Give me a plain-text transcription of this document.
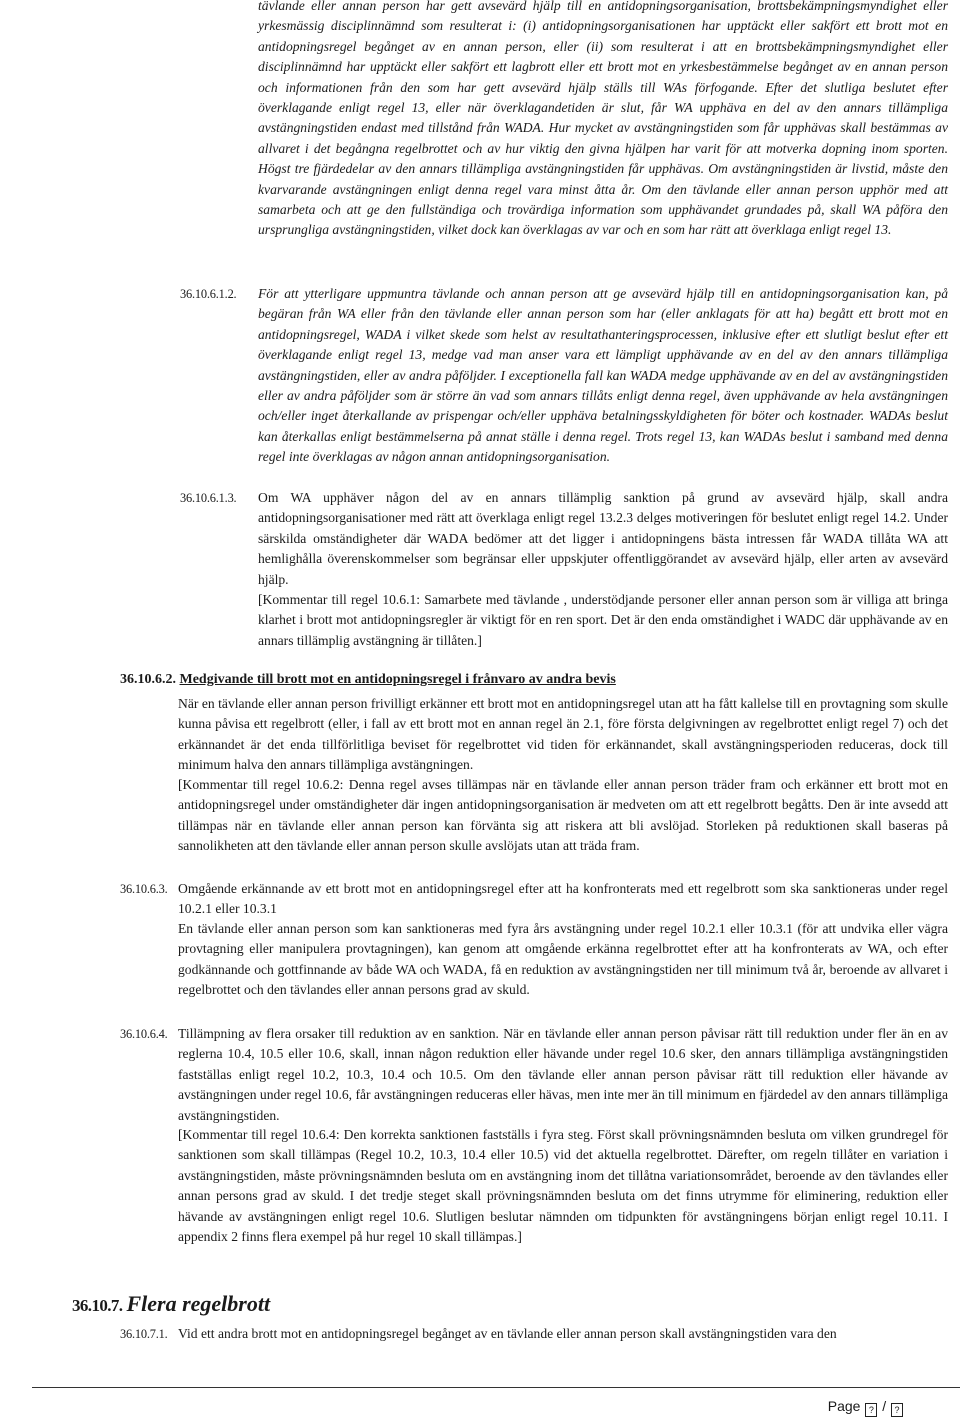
tävlande eller annan person har gett avsevärd hjälp till en antidopningsorganisation, brottsbekämpningsmyndighet eller yrkesmässig disciplinnämnd som resulterat i: (i) antidopningsorganisationen har upptäckt eller sakfört ett brott mot en antidopningsregel begånget av en annan person, eller (ii) som resulterat i att en brottsbekämpningsmyndighet eller disciplinnämnd har upptäckt eller sakfört ett lagbrott eller ett brott mot en yrkesbestämmelse begånget av en annan person och informationen från den som har gett avsevärd hjälp ställs till WAs förfogande. Efter det slutliga beslutet efter överklagande enligt regel 13, eller när överklagandetiden är slut, får WA upphäva en del av den annars tillämpliga avstängningstiden endast med tillstånd från WADA. Hur mycket av avstängningstiden som får upphävas skall bestämmas av allvaret i det begångna regelbrottet och av hur viktig den givna hjälpen har varit för att motverka dopning inom sporten. Högst tre fjärdedelar av den annars tillämpliga avstängningstiden får upphävas. Om avstängningstiden är livstid, måste den kvarvarande avstängningen enligt denna regel vara minst åtta år. Om den tävlande eller annan person upphör med att samarbeta och att ge den fullständiga och trovärdiga information som upphävandet grundades på, skall WA påföra den ursprungliga avstängningstiden, vilket dock kan överklagas av var och en som har rätt att överklaga enligt regel 13.

36.10.6.1.2. För att ytterligare uppmuntra tävlande och annan person att ge avsevärd hjälp till en antidopningsorganisation kan, på begäran från WA eller från den tävlande eller annan person som har (eller anklagats för att ha) begått ett brott mot en antidopningsregel, WADA i vilket skede som helst av resultathanteringsprocessen, inklusive efter ett slutligt beslut efter ett överklagande enligt regel 13, medge vad man anser vara ett lämpligt upphävande av en del av den annars tillämpliga avstängningstiden, eller av andra påföljder. I exceptionella fall kan WADA medge upphävande av en del av avstängningstiden eller av andra påföljder som är större än vad som annars tillåts enligt denna regel, även upphävande av hela avstängningen och/eller inget återkallande av prispengar och/eller upphäva betalningsskyldigheten för böter och kostnader. WADAs beslut kan återkallas enligt bestämmelserna på annat ställe i denna regel. Trots regel 13, kan WADAs beslut i samband med denna regel inte överklagas av någon annan antidopningsorganisation.

36.10.6.1.3. Om WA upphäver någon del av en annars tillämplig sanktion på grund av avsevärd hjälp, skall andra antidopningsorganisationer med rätt att överklaga enligt regel 13.2.3 delges motiveringen för beslutet enligt regel 14.2. Under särskilda omständigheter där WADA bedömer att det ligger i antidopningens bästa intressen får WADA tillåta WA att hemlighålla överenskommelser som begränsar eller uppskjuter offentliggörandet av avsevärd hjälp, eller arten av avsevärd hjälp.

[Kommentar till regel 10.6.1: Samarbete med tävlande , understödjande personer eller annan person som är villiga att bringa klarhet i brott mot antidopningsregler är viktigt för en ren sport. Det är den enda omständighet i WADC där upphävande av en annars tillämplig avstängning är tillåten.]

36.10.6.2. Medgivande till brott mot en antidopningsregel i frånvaro av andra bevis

När en tävlande eller annan person frivilligt erkänner ett brott mot en antidopningsregel utan att ha fått kallelse till en provtagning som skulle kunna påvisa ett regelbrott (eller, i fall av ett brott mot en annan regel än 2.1, före första delgivningen av regelbrottet enligt regel 7) och det erkännandet är det enda tillförlitliga beviset för regelbrottet vid tiden för erkännandet, skall avstängningsperioden reduceras, dock till minimum halva den annars tillämpliga avstängningen.

[Kommentar till regel 10.6.2: Denna regel avses tillämpas när en tävlande eller annan person träder fram och erkänner ett brott mot en antidopningsregel under omständigheter där ingen antidopningsorganisation är medveten om att ett regelbrott begåtts. Den är inte avsedd att tillämpas när en tävlande eller annan person kan förvänta sig att riskera att bli avslöjad. Storleken på reduktionen skall baseras på sannolikheten att den tävlande eller annan person skulle avslöjats utan att träda fram.

36.10.6.3. Omgående erkännande av ett brott mot en antidopningsregel efter att ha konfronterats med ett regelbrott som ska sanktioneras under regel 10.2.1 eller 10.3.1

En tävlande eller annan person som kan sanktioneras med fyra års avstängning under regel 10.2.1 eller 10.3.1 (för att undvika eller vägra provtagning eller manipulera provtagningen), kan genom att omgående erkänna regelbrottet efter att ha konfronterats av WA, och efter godkännande och gottfinnande av både WA och WADA, få en reduktion av avstängningstiden ner till minimum två år, beroende av allvaret i regelbrottet och den tävlandes eller annan persons grad av skuld.

36.10.6.4. Tillämpning av flera orsaker till reduktion av en sanktion. När en tävlande eller annan person påvisar rätt till reduktion under fler än en av reglerna 10.4, 10.5 eller 10.6, skall, innan någon reduktion eller hävande under regel 10.6 sker, den annars tillämpliga avstängningstiden fastställas enligt regel 10.2, 10.3, 10.4 och 10.5. Om den tävlande eller annan person påvisar rätt till reduktion eller hävande av avstängningen under regel 10.6, får avstängningen reduceras eller hävas, men inte mer än till minimum en fjärdedel av den annars tillämpliga avstängningstiden.

[Kommentar till regel 10.6.4: Den korrekta sanktionen fastställs i fyra steg. Först skall prövningsnämnden besluta om vilken grundregel för sanktionen som skall tillämpas (Regel 10.2, 10.3, 10.4 eller 10.5) vid det aktuella regelbrottet. Därefter, om regeln tillåter en variation i avstängningstiden, måste prövningsnämnden besluta om en avstängning inom det tillåtna variationsområdet, beroende av den tävlandes eller annan persons grad av skuld. I det tredje steget skall prövningsnämnden besluta om det finns utrymme för eliminering, reduktion eller hävande av avstängningen enligt regel 10.6. Slutligen beslutar nämnden om tidpunkten för avstängningens början enligt regel 10.11. I appendix 2 finns flera exempel på hur regel 10 skall tillämpas.]

36.10.7. Flera regelbrott

36.10.7.1. Vid ett andra brott mot en antidopningsregel begånget av en tävlande eller annan person skall avstängningstiden vara den

Page ? / ?
